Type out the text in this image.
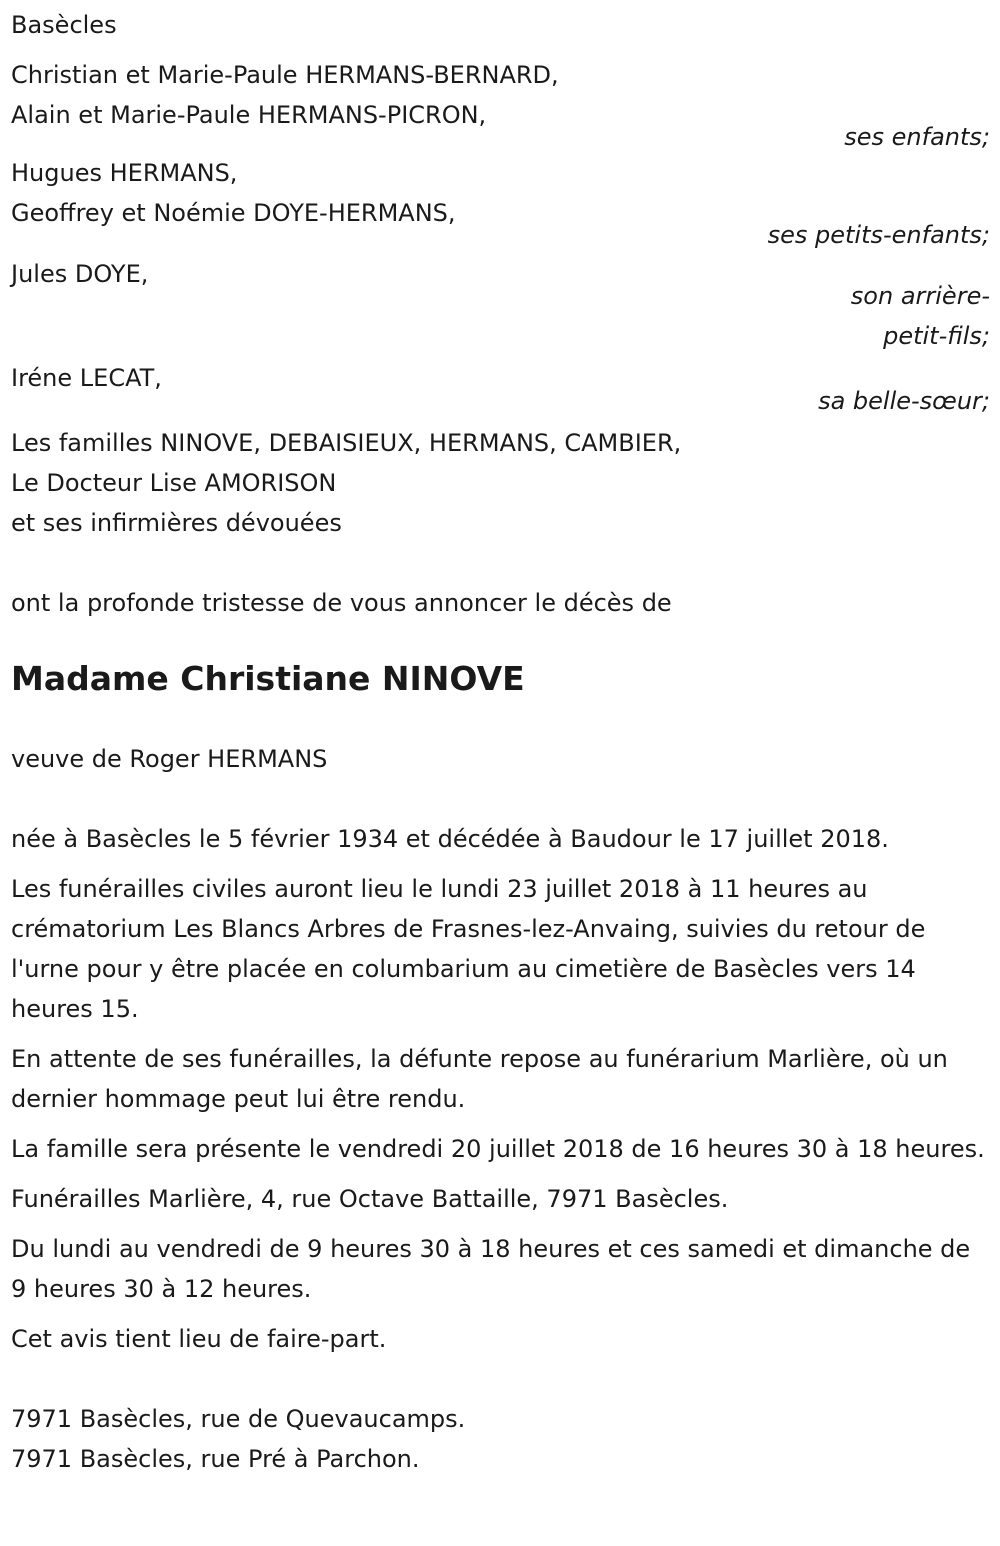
Basècles
Christian et Marie-Paule HERMANS-BERNARD,
Alain et Marie-Paule HERMANS-PICRON,
ses enfants;
Hugues HERMANS,
Geoffrey et Noémie DOYE-HERMANS,
ses petits-enfants;
Jules DOYE,
son arrière-
petit-fils;
Iréne LECAT,
sa belle-sœur;
Les familles NINOVE, DEBAISIEUX, HERMANS, CAMBIER,
Le Docteur Lise AMORISON
et ses infirmières dévouées
ont la profonde tristesse de vous annoncer le décès de
Madame Christiane NINOVE
veuve de Roger HERMANS
née à Basècles le 5 février 1934 et décédée à Baudour le 17 juillet 2018.
Les funérailles civiles auront lieu le lundi 23 juillet 2018 à 11 heures au crématorium Les Blancs Arbres de Frasnes-lez-Anvaing, suivies du retour de l'urne pour y être placée en columbarium au cimetière de Basècles vers 14 heures 15.
En attente de ses funérailles, la défunte repose au funérarium Marlière, où un dernier hommage peut lui être rendu.
La famille sera présente le vendredi 20 juillet 2018 de 16 heures 30 à 18 heures.
Funérailles Marlière, 4, rue Octave Battaille, 7971 Basècles.
Du lundi au vendredi de 9 heures 30 à 18 heures et ces samedi et dimanche de 9 heures 30 à 12 heures.
Cet avis tient lieu de faire-part.
7971 Basècles, rue de Quevaucamps.
7971 Basècles, rue Pré à Parchon.
